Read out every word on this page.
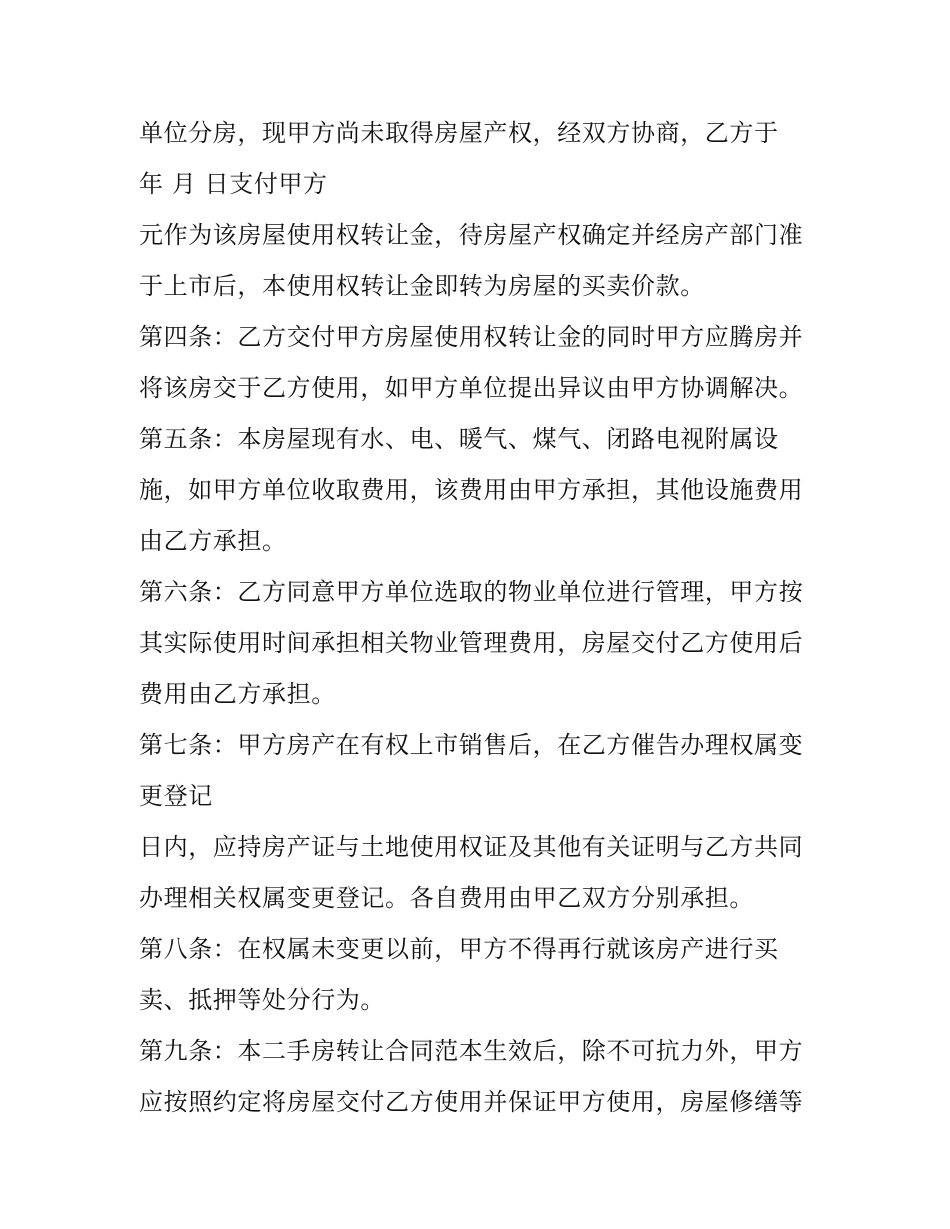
单位分房，现甲方尚未取得房屋产权，经双方协商，乙方于
年 月 日支付甲方
元作为该房屋使用权转让金，待房屋产权确定并经房产部门准
于上市后，本使用权转让金即转为房屋的买卖价款。
第四条：乙方交付甲方房屋使用权转让金的同时甲方应腾房并
将该房交于乙方使用，如甲方单位提出异议由甲方协调解决。
第五条：本房屋现有水、电、暖气、煤气、闭路电视附属设
施，如甲方单位收取费用，该费用由甲方承担，其他设施费用
由乙方承担。
第六条：乙方同意甲方单位选取的物业单位进行管理，甲方按
其实际使用时间承担相关物业管理费用，房屋交付乙方使用后
费用由乙方承担。
第七条：甲方房产在有权上市销售后，在乙方催告办理权属变
更登记
日内，应持房产证与土地使用权证及其他有关证明与乙方共同
办理相关权属变更登记。各自费用由甲乙双方分别承担。
第八条：在权属未变更以前，甲方不得再行就该房产进行买
卖、抵押等处分行为。
第九条：本二手房转让合同范本生效后，除不可抗力外，甲方
应按照约定将房屋交付乙方使用并保证甲方使用，房屋修缮等
